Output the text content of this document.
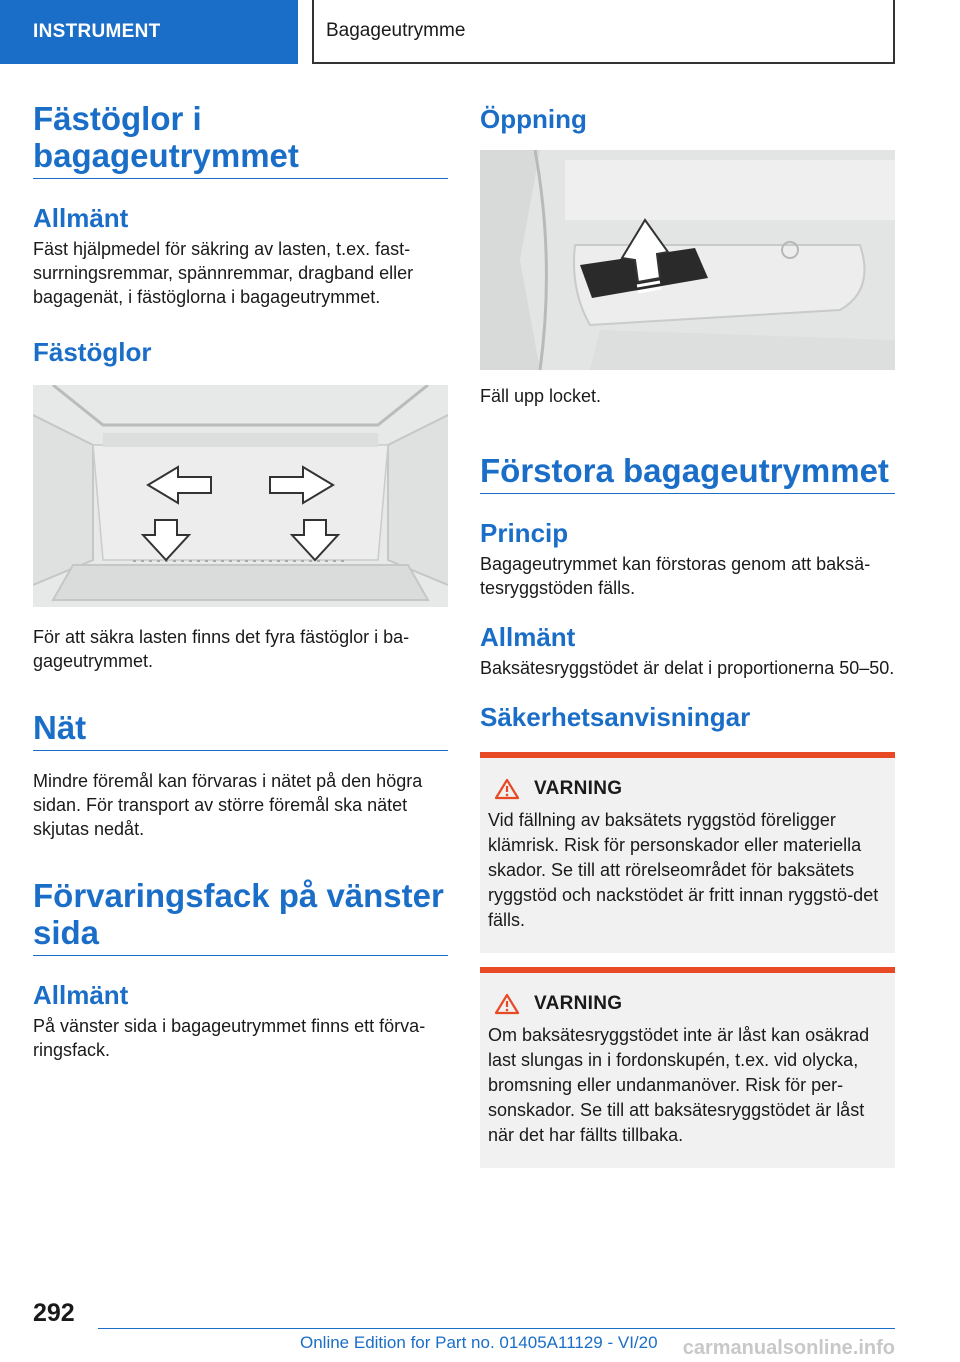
INSTRUMENT	Bagageutrymme
Fästöglor i bagageutrymmet
Allmänt

Fäst hjälpmedel för säkring av lasten, t.ex. fast-surrningsremmar, spännremmar, dragband eller bagagenät, i fästöglorna i bagageutrymmet.

Fästöglor

För att säkra lasten finns det fyra fästöglor i ba-gageutrymmet.

Nät

Mindre föremål kan förvaras i nätet på den högra sidan. För transport av större föremål ska nätet skjutas nedåt.

Förvaringsfack på vänster sida
Allmänt

På vänster sida i bagageutrymmet finns ett förva-ringsfack.

Öppning

Fäll upp locket.

Förstora bagageutrymmet
Princip

Bagageutrymmet kan förstoras genom att baksä-tesryggstöden fälls.

Allmänt

Baksätesryggstödet är delat i proportionerna 50–50.

Säkerhetsanvisningar
VARNING

Vid fällning av baksätets ryggstöd föreligger klämrisk. Risk för personskador eller materiella skador. Se till att rörelseområdet för baksätets ryggstöd och nackstödet är fritt innan ryggstö-det fälls.

VARNING

Om baksätesryggstödet inte är låst kan osäkrad last slungas in i fordonskupén, t.ex. vid olycka, bromsning eller undanmanöver. Risk för per-sonskador. Se till att baksätesryggstödet är låst när det har fällts tillbaka.

292
Online Edition for Part no. 01405A11129 - VI/20 carmanualsonline.info
